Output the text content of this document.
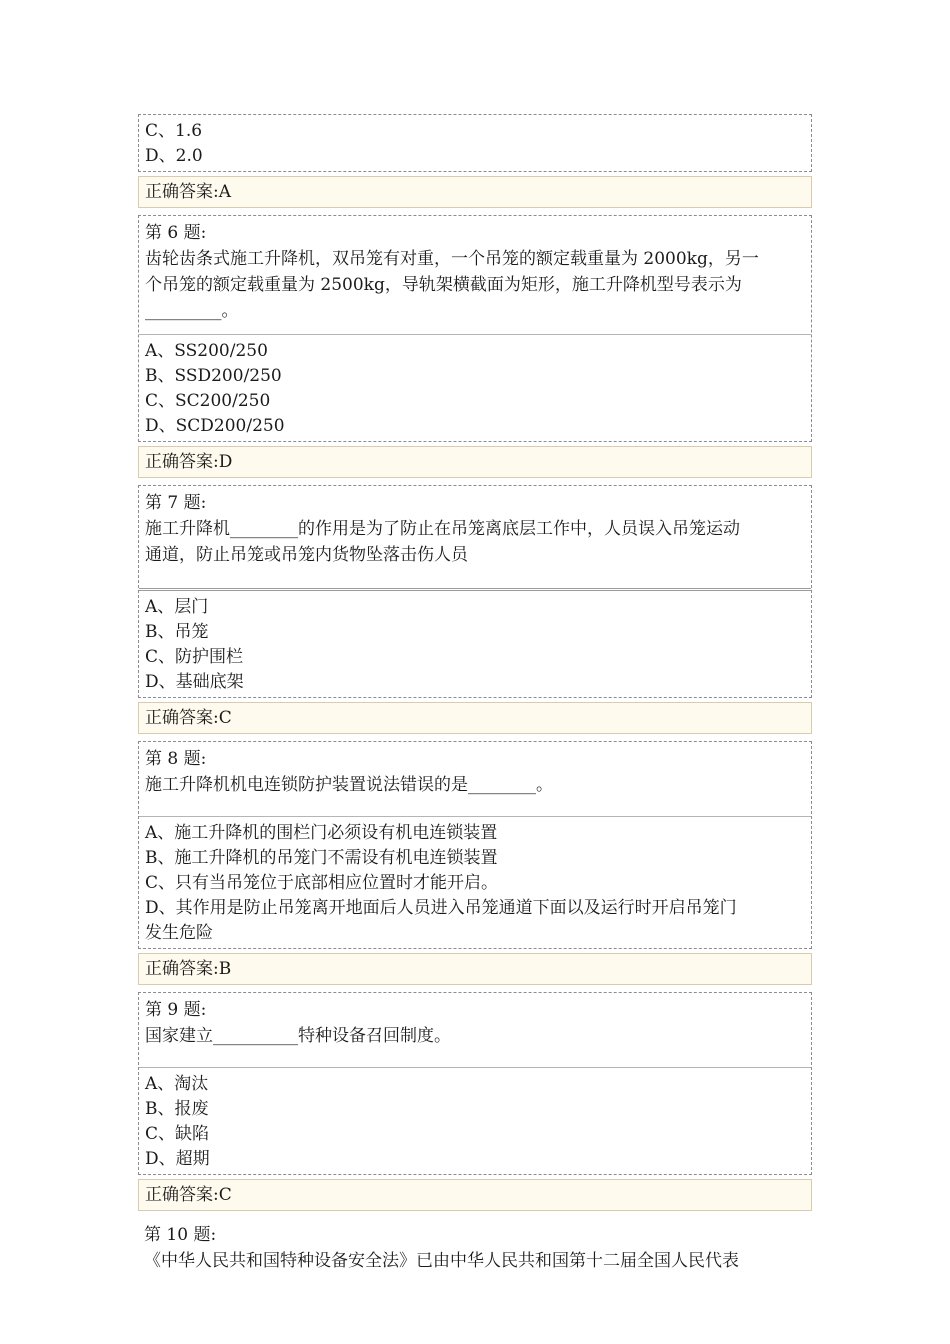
C、1.6
D、2.0
正确答案:A
第 6 题:
齿轮齿条式施工升降机，双吊笼有对重，一个吊笼的额定载重量为 2000kg，另一
个吊笼的额定载重量为 2500kg，导轨架横截面为矩形，施工升降机型号表示为
_________。
A、SS200/250
B、SSD200/250
C、SC200/250
D、SCD200/250
正确答案:D
第 7 题:
施工升降机________的作用是为了防止在吊笼离底层工作中，人员误入吊笼运动
通道，防止吊笼或吊笼内货物坠落击伤人员
A、层门
B、吊笼
C、防护围栏
D、基础底架
正确答案:C
第 8 题:
施工升降机机电连锁防护装置说法错误的是________。
A、施工升降机的围栏门必须设有机电连锁装置
B、施工升降机的吊笼门不需设有机电连锁装置
C、只有当吊笼位于底部相应位置时才能开启。
D、其作用是防止吊笼离开地面后人员进入吊笼通道下面以及运行时开启吊笼门
发生危险
正确答案:B
第 9 题:
国家建立__________特种设备召回制度。
A、淘汰
B、报废
C、缺陷
D、超期
正确答案:C
第 10 题:
《中华人民共和国特种设备安全法》已由中华人民共和国第十二届全国人民代表
